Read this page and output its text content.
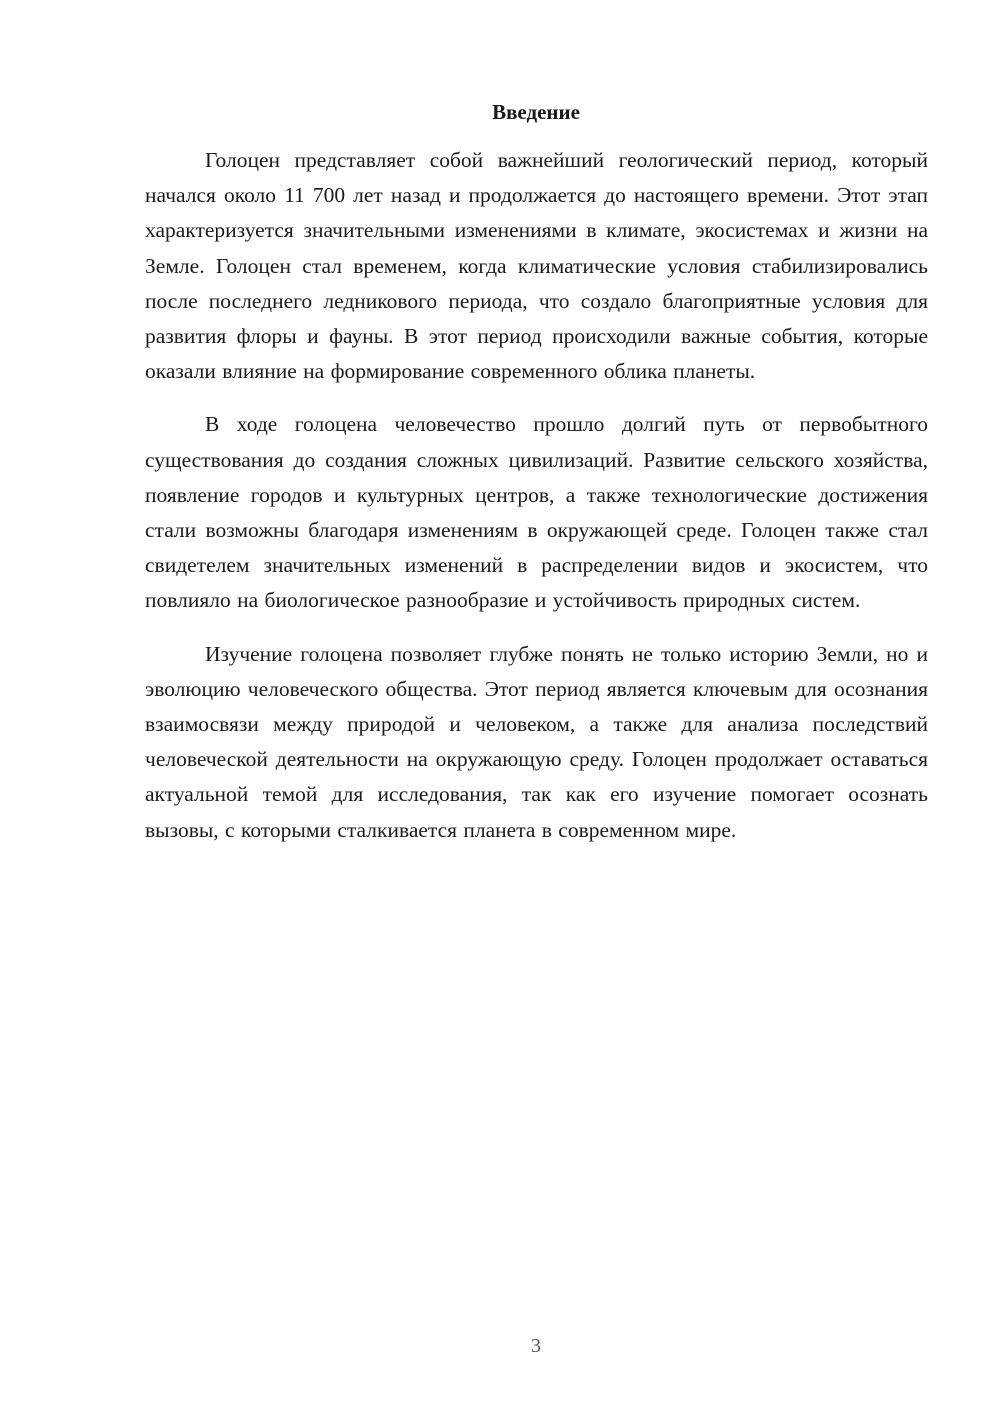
Введение

Голоцен представляет собой важнейший геологический период, который начался около 11 700 лет назад и продолжается до настоящего времени. Этот этап характеризуется значительными изменениями в климате, экосистемах и жизни на Земле. Голоцен стал временем, когда климатические условия стабилизировались после последнего ледникового периода, что создало благоприятные условия для развития флоры и фауны. В этот период происходили важные события, которые оказали влияние на формирование современного облика планеты.

В ходе голоцена человечество прошло долгий путь от первобытного существования до создания сложных цивилизаций. Развитие сельского хозяйства, появление городов и культурных центров, а также технологические достижения стали возможны благодаря изменениям в окружающей среде. Голоцен также стал свидетелем значительных изменений в распределении видов и экосистем, что повлияло на биологическое разнообразие и устойчивость природных систем.

Изучение голоцена позволяет глубже понять не только историю Земли, но и эволюцию человеческого общества. Этот период является ключевым для осознания взаимосвязи между природой и человеком, а также для анализа последствий человеческой деятельности на окружающую среду. Голоцен продолжает оставаться актуальной темой для исследования, так как его изучение помогает осознать вызовы, с которыми сталкивается планета в современном мире.

3
